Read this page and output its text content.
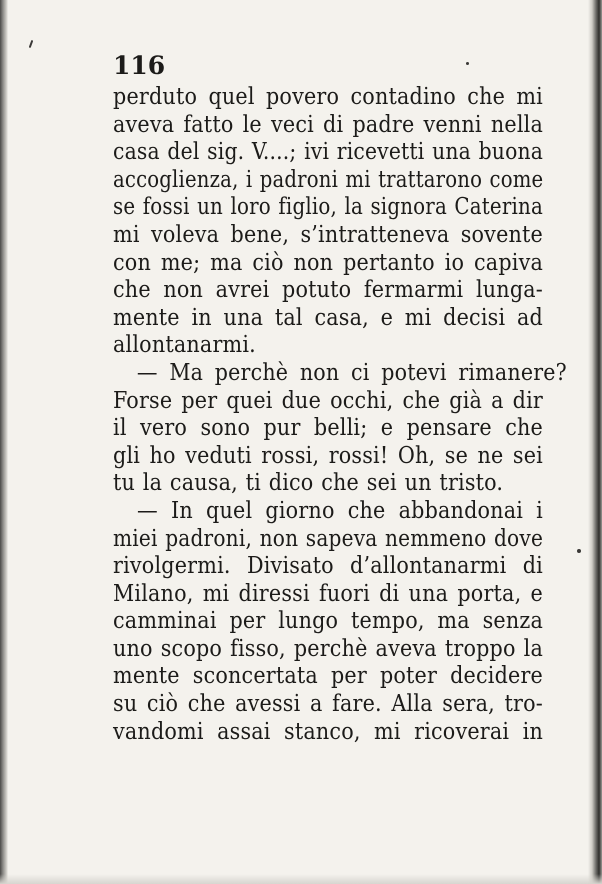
116
perduto quel povero contadino che mi
aveva fatto le veci di padre venni nella
casa del sig. V....; ivi ricevetti una buona
accoglienza, i padroni mi trattarono come
se fossi un loro figlio, la signora Caterina
mi voleva bene, s’intratteneva sovente
con me; ma ciò non pertanto io capiva
che non avrei potuto fermarmi lunga-
mente in una tal casa, e mi decisi ad
allontanarmi.
— Ma perchè non ci potevi rimanere?
Forse per quei due occhi, che già a dir
il vero sono pur belli; e pensare che
gli ho veduti rossi, rossi! Oh, se ne sei
tu la causa, ti dico che sei un tristo.
— In quel giorno che abbandonai i
miei padroni, non sapeva nemmeno dove
rivolgermi. Divisato d’allontanarmi di
Milano, mi diressi fuori di una porta, e
camminai per lungo tempo, ma senza
uno scopo fisso, perchè aveva troppo la
mente sconcertata per poter decidere
su ciò che avessi a fare. Alla sera, tro-
vandomi assai stanco, mi ricoverai in
